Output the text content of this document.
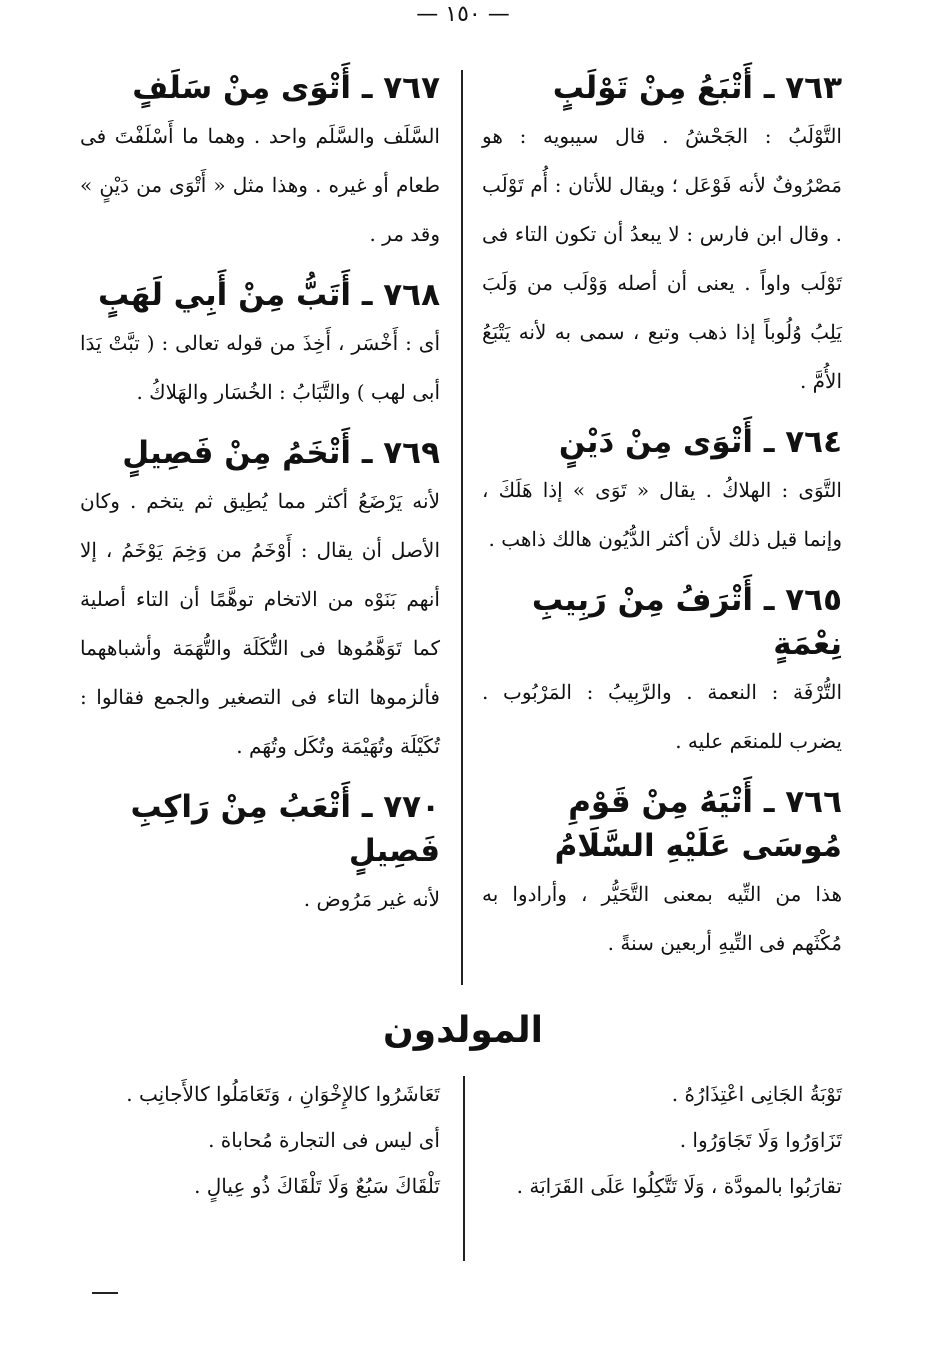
— ١٥٠ —
٧٦٣ ـ أَتْبَعُ مِنْ تَوْلَبٍ
التَّوْلَبُ : الجَحْشُ . قال سيبويه : هو مَصْرُوفٌ لأنه فَوْعَل ؛ ويقال للأتان : أُم تَوْلَب . وقال ابن فارس : لا يبعدُ أن تكون التاء فى تَوْلَب واواً . يعنى أن أصله وَوْلَب من وَلَبَ يَلِبُ وُلُوباً إذا ذهب وتبع ، سمى به لأنه يَتْبَعُ الأُمَّ .
٧٦٤ ـ أَتْوَى مِنْ دَيْنٍ
التَّوَى : الهلاكُ . يقال « تَوَى » إذا هَلَكَ ، وإنما قيل ذلك لأن أكثر الدُّيُون هالك ذاهب .
٧٦٥ ـ أَتْرَفُ مِنْ رَبِيبِ نِعْمَةٍ
التُّرْفَة : النعمة . والرَّبِيبُ : المَرْبُوب . يضرب للمنعَم عليه .
٧٦٦ ـ أَتْيَهُ مِنْ قَوْمِ مُوسَى عَلَيْهِ السَّلَامُ
هذا من التِّيه بمعنى التَّحَيُّر ، وأرادوا به مُكْثَهم فى التِّيهِ أربعين سنةً .
٧٦٧ ـ أَتْوَى مِنْ سَلَفٍ
السَّلَف والسَّلَم واحد . وهما ما أَسْلَفْتَ فى طعام أو غيره . وهذا مثل « أَتْوَى من دَيْنٍ » وقد مر .
٧٦٨ ـ أَتَبُّ مِنْ أَبِي لَهَبٍ
أى : أَخْسَر ، أَخِذَ من قوله تعالى : ( تبَّتْ يَدَا أبى لهب ) والتَّبَابُ : الخُسَار والهَلاكُ .
٧٦٩ ـ أَتْخَمُ مِنْ فَصِيلٍ
لأنه يَرْضَعُ أكثر مما يُطِيق ثم يتخم . وكان الأصل أن يقال : أَوْخَمُ من وَخِمَ يَوْخَمُ ، إلا أنهم بَنَوْه من الاتخام توهَّمًا أن التاء أصلية كما تَوَهَّمُوها فى التُّكَلَة والتُّهَمَة وأشباههما فألزموها التاء فى التصغير والجمع فقالوا : تُكَيْلَة وتُهَيْمَة وتُكَل وتُهَم .
٧٧٠ ـ أَتْعَبُ مِنْ رَاكِبِ فَصِيلٍ
لأنه غير مَرُوض .
المولدون
تَوْبَةُ الجَانِى اعْتِذَارُهُ .
تَزَاوَرُوا وَلَا تَجَاوَرُوا .
تقارَبُوا بالمودَّة ، وَلَا تَتَّكِلُوا عَلَى القَرَابَة .
تَعَاشَرُوا كالإِخْوَانِ ، وَتَعَامَلُوا كالأَجانِب .
أى ليس فى التجارة مُحاباة .
تَلْقَاكَ سَبُعٌ وَلَا تَلْقَاكَ ذُو عِيالٍ .
